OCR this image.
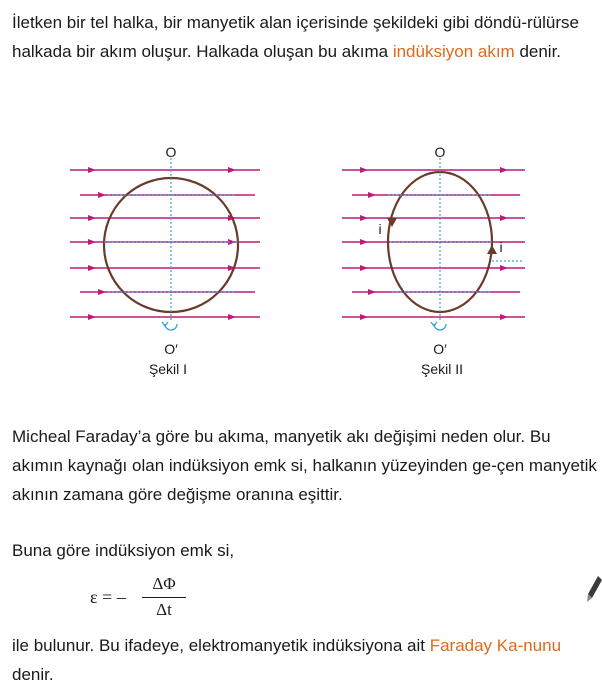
İletken bir tel halka, bir manyetik alan içerisinde şekildeki gibi döndü-rülürse halkada bir akım oluşur. Halkada oluşan bu akıma indüksiyon akım denir.

O
O′
Şekil I
O
O′
Şekil II
i
i

Micheal Faraday’a göre bu akıma, manyetik akı değişimi neden olur. Bu akımın kaynağı olan indüksiyon emk si, halkanın yüzeyinden ge-çen manyetik akının zamana göre değişme oranına eşittir.

Buna göre indüksiyon emk si,

ε = –
ΔΦ
Δt

ile bulunur. Bu ifadeye, elektromanyetik indüksiyona ait Faraday Ka-nunu denir.
